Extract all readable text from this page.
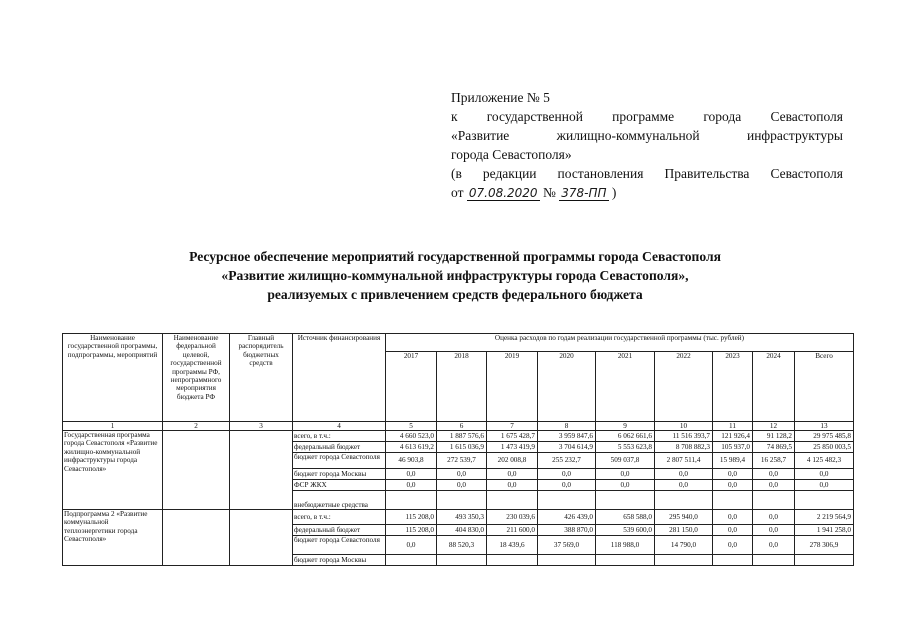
Приложение № 5
к государственной программе города Севастополя
«Развитие	жилищно-коммунальной	инфраструктуры
города Севастополя»
(в редакции постановления Правительства Севастополя
от 07.08.2020 № 378-ПП )
Ресурсное обеспечение мероприятий государственной программы города Севастополя
«Развитие жилищно-коммунальной инфраструктуры города Севастополя»,
реализуемых с привлечением средств федерального бюджета
Наименование государственной программы, подпрограммы, мероприятий	Наименование федеральной целевой, государственной программы РФ, непрограммного мероприятия бюджета РФ	Главный распорядитель бюджетных средств	Источник финансирования	Оценка расходов по годам реализации государственной программы (тыс. рублей)								
				2017	2018	2019	2020	2021	2022	2023	2024	Всего
1	2	3	4	5	6	7	8	9	10	11	12	13
Государственная программа города Севастополя «Развитие жилищно-коммунальной инфраструктуры города Севастополя»			всего, в т.ч.:	4 660 523,0	1 887 576,6	1 675 428,7	3 959 847,6	6 062 661,6	11 516 393,7	121 926,4	91 128,2	29 975 485,8
			федеральный бюджет	4 613 619,2	1 615 036,9	1 473 419,9	3 704 614,9	5 553 623,8	8 708 882,3	105 937,0	74 869,5	25 850 003,5
			бюджет города Севастополя	46 903,8	272 539,7	202 008,8	255 232,7	509 037,8	2 807 511,4	15 989,4	16 258,7	4 125 482,3
			бюджет города Москвы	0,0	0,0	0,0	0,0	0,0	0,0	0,0	0,0	0,0
			ФСР ЖКХ	0,0	0,0	0,0	0,0	0,0	0,0	0,0	0,0	0,0
			внебюджетные средства									
Подпрограмма 2 «Развитие коммунальной теплоэнергетики города Севастополя»			всего, в т.ч.:	115 208,0	493 350,3	230 039,6	426 439,0	658 588,0	295 940,0	0,0	0,0	2 219 564,9
			федеральный бюджет	115 208,0	404 830,0	211 600,0	388 870,0	539 600,0	281 150,0	0,0	0,0	1 941 258,0
			бюджет города Севастополя	0,0	88 520,3	18 439,6	37 569,0	118 988,0	14 790,0	0,0	0,0	278 306,9
			бюджет города Москвы									
